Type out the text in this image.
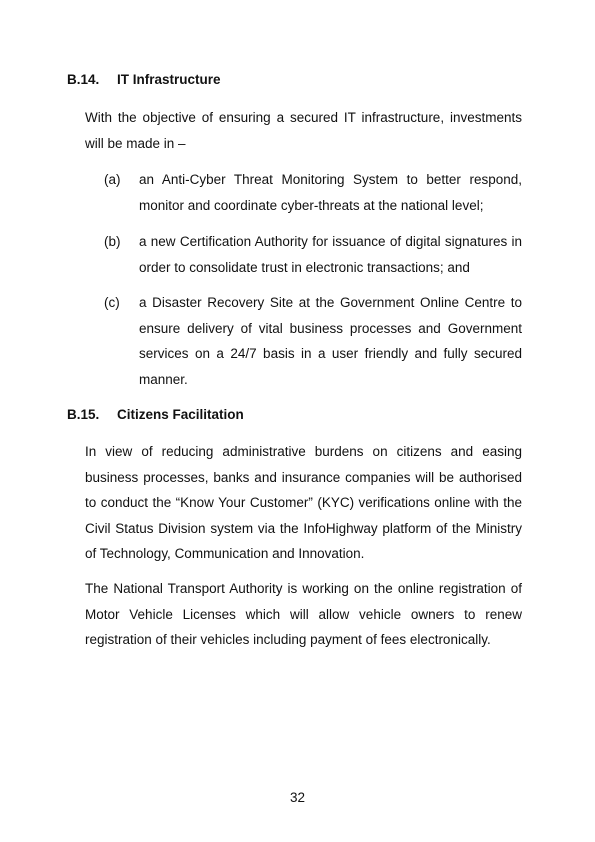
B.14. IT Infrastructure
With the objective of ensuring a secured IT infrastructure, investments will be made in –
(a)	an Anti-Cyber Threat Monitoring System to better respond, monitor and coordinate cyber-threats at the national level;
(b)	a new Certification Authority for issuance of digital signatures in order to consolidate trust in electronic transactions; and
(c)	a Disaster Recovery Site at the Government Online Centre to ensure delivery of vital business processes and Government services on a 24/7 basis in a user friendly and fully secured manner.
B.15. Citizens Facilitation
In view of reducing administrative burdens on citizens and easing business processes, banks and insurance companies will be authorised to conduct the “Know Your Customer” (KYC) verifications online with the Civil Status Division system via the InfoHighway platform of the Ministry of Technology, Communication and Innovation.
The National Transport Authority is working on the online registration of Motor Vehicle Licenses which will allow vehicle owners to renew registration of their vehicles including payment of fees electronically.
32
